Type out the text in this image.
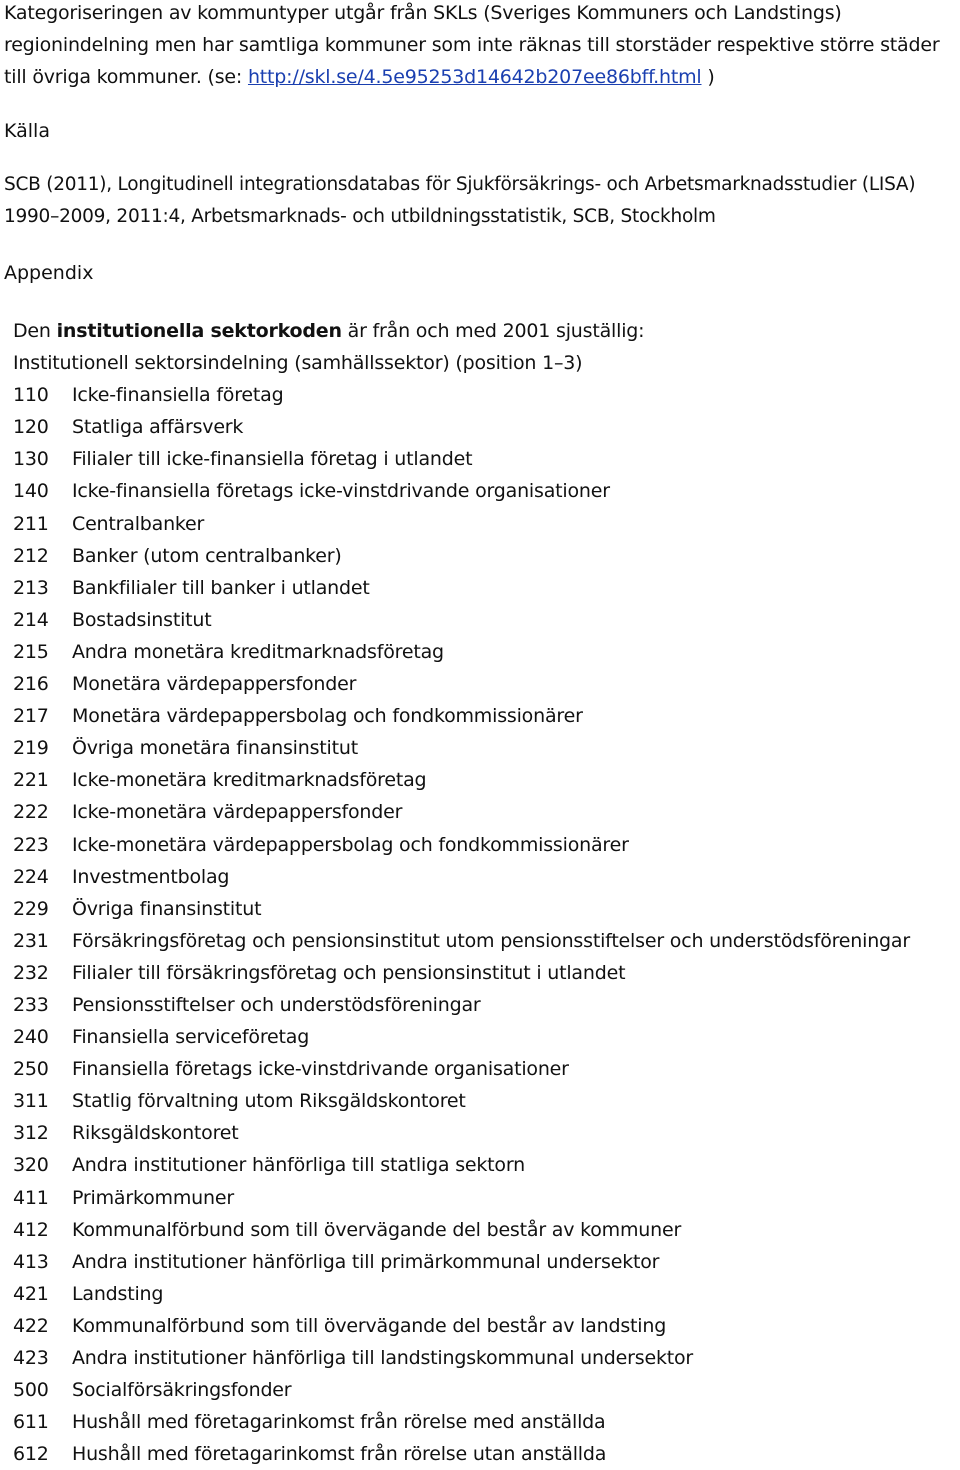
Kategoriseringen av kommuntyper utgår från SKLs (Sveriges Kommuners och Landstings)

regionindelning men har samtliga kommuner som inte räknas till storstäder respektive större städer

till övriga kommuner. (se: http://skl.se/4.5e95253d14642b207ee86bff.html )

Källa

SCB (2011), Longitudinell integrationsdatabas för Sjukförsäkrings- och Arbetsmarknadsstudier (LISA)

1990–2009, 2011:4, Arbetsmarknads- och utbildningsstatistik, SCB, Stockholm

Appendix

Den institutionella sektorkoden är från och med 2001 sjuställig:

Institutionell sektorsindelning (samhällssektor) (position 1–3)

110	Icke-finansiella företag
120	Statliga affärsverk
130	Filialer till icke-finansiella företag i utlandet
140	Icke-finansiella företags icke-vinstdrivande organisationer
211	Centralbanker
212	Banker (utom centralbanker)
213	Bankfilialer till banker i utlandet
214	Bostadsinstitut
215	Andra monetära kreditmarknadsföretag
216	Monetära värdepappersfonder
217	Monetära värdepappersbolag och fondkommissionärer
219	Övriga monetära finansinstitut
221	Icke-monetära kreditmarknadsföretag
222	Icke-monetära värdepappersfonder
223	Icke-monetära värdepappersbolag och fondkommissionärer
224	Investmentbolag
229	Övriga finansinstitut
231	Försäkringsföretag och pensionsinstitut utom pensionsstiftelser och understödsföreningar
232	Filialer till försäkringsföretag och pensionsinstitut i utlandet
233	Pensionsstiftelser och understödsföreningar
240	Finansiella serviceföretag
250	Finansiella företags icke-vinstdrivande organisationer
311	Statlig förvaltning utom Riksgäldskontoret
312	Riksgäldskontoret
320	Andra institutioner hänförliga till statliga sektorn
411	Primärkommuner
412	Kommunalförbund som till övervägande del består av kommuner
413	Andra institutioner hänförliga till primärkommunal undersektor
421	Landsting
422	Kommunalförbund som till övervägande del består av landsting
423	Andra institutioner hänförliga till landstingskommunal undersektor
500	Socialförsäkringsfonder
611	Hushåll med företagarinkomst från rörelse med anställda
612	Hushåll med företagarinkomst från rörelse utan anställda
